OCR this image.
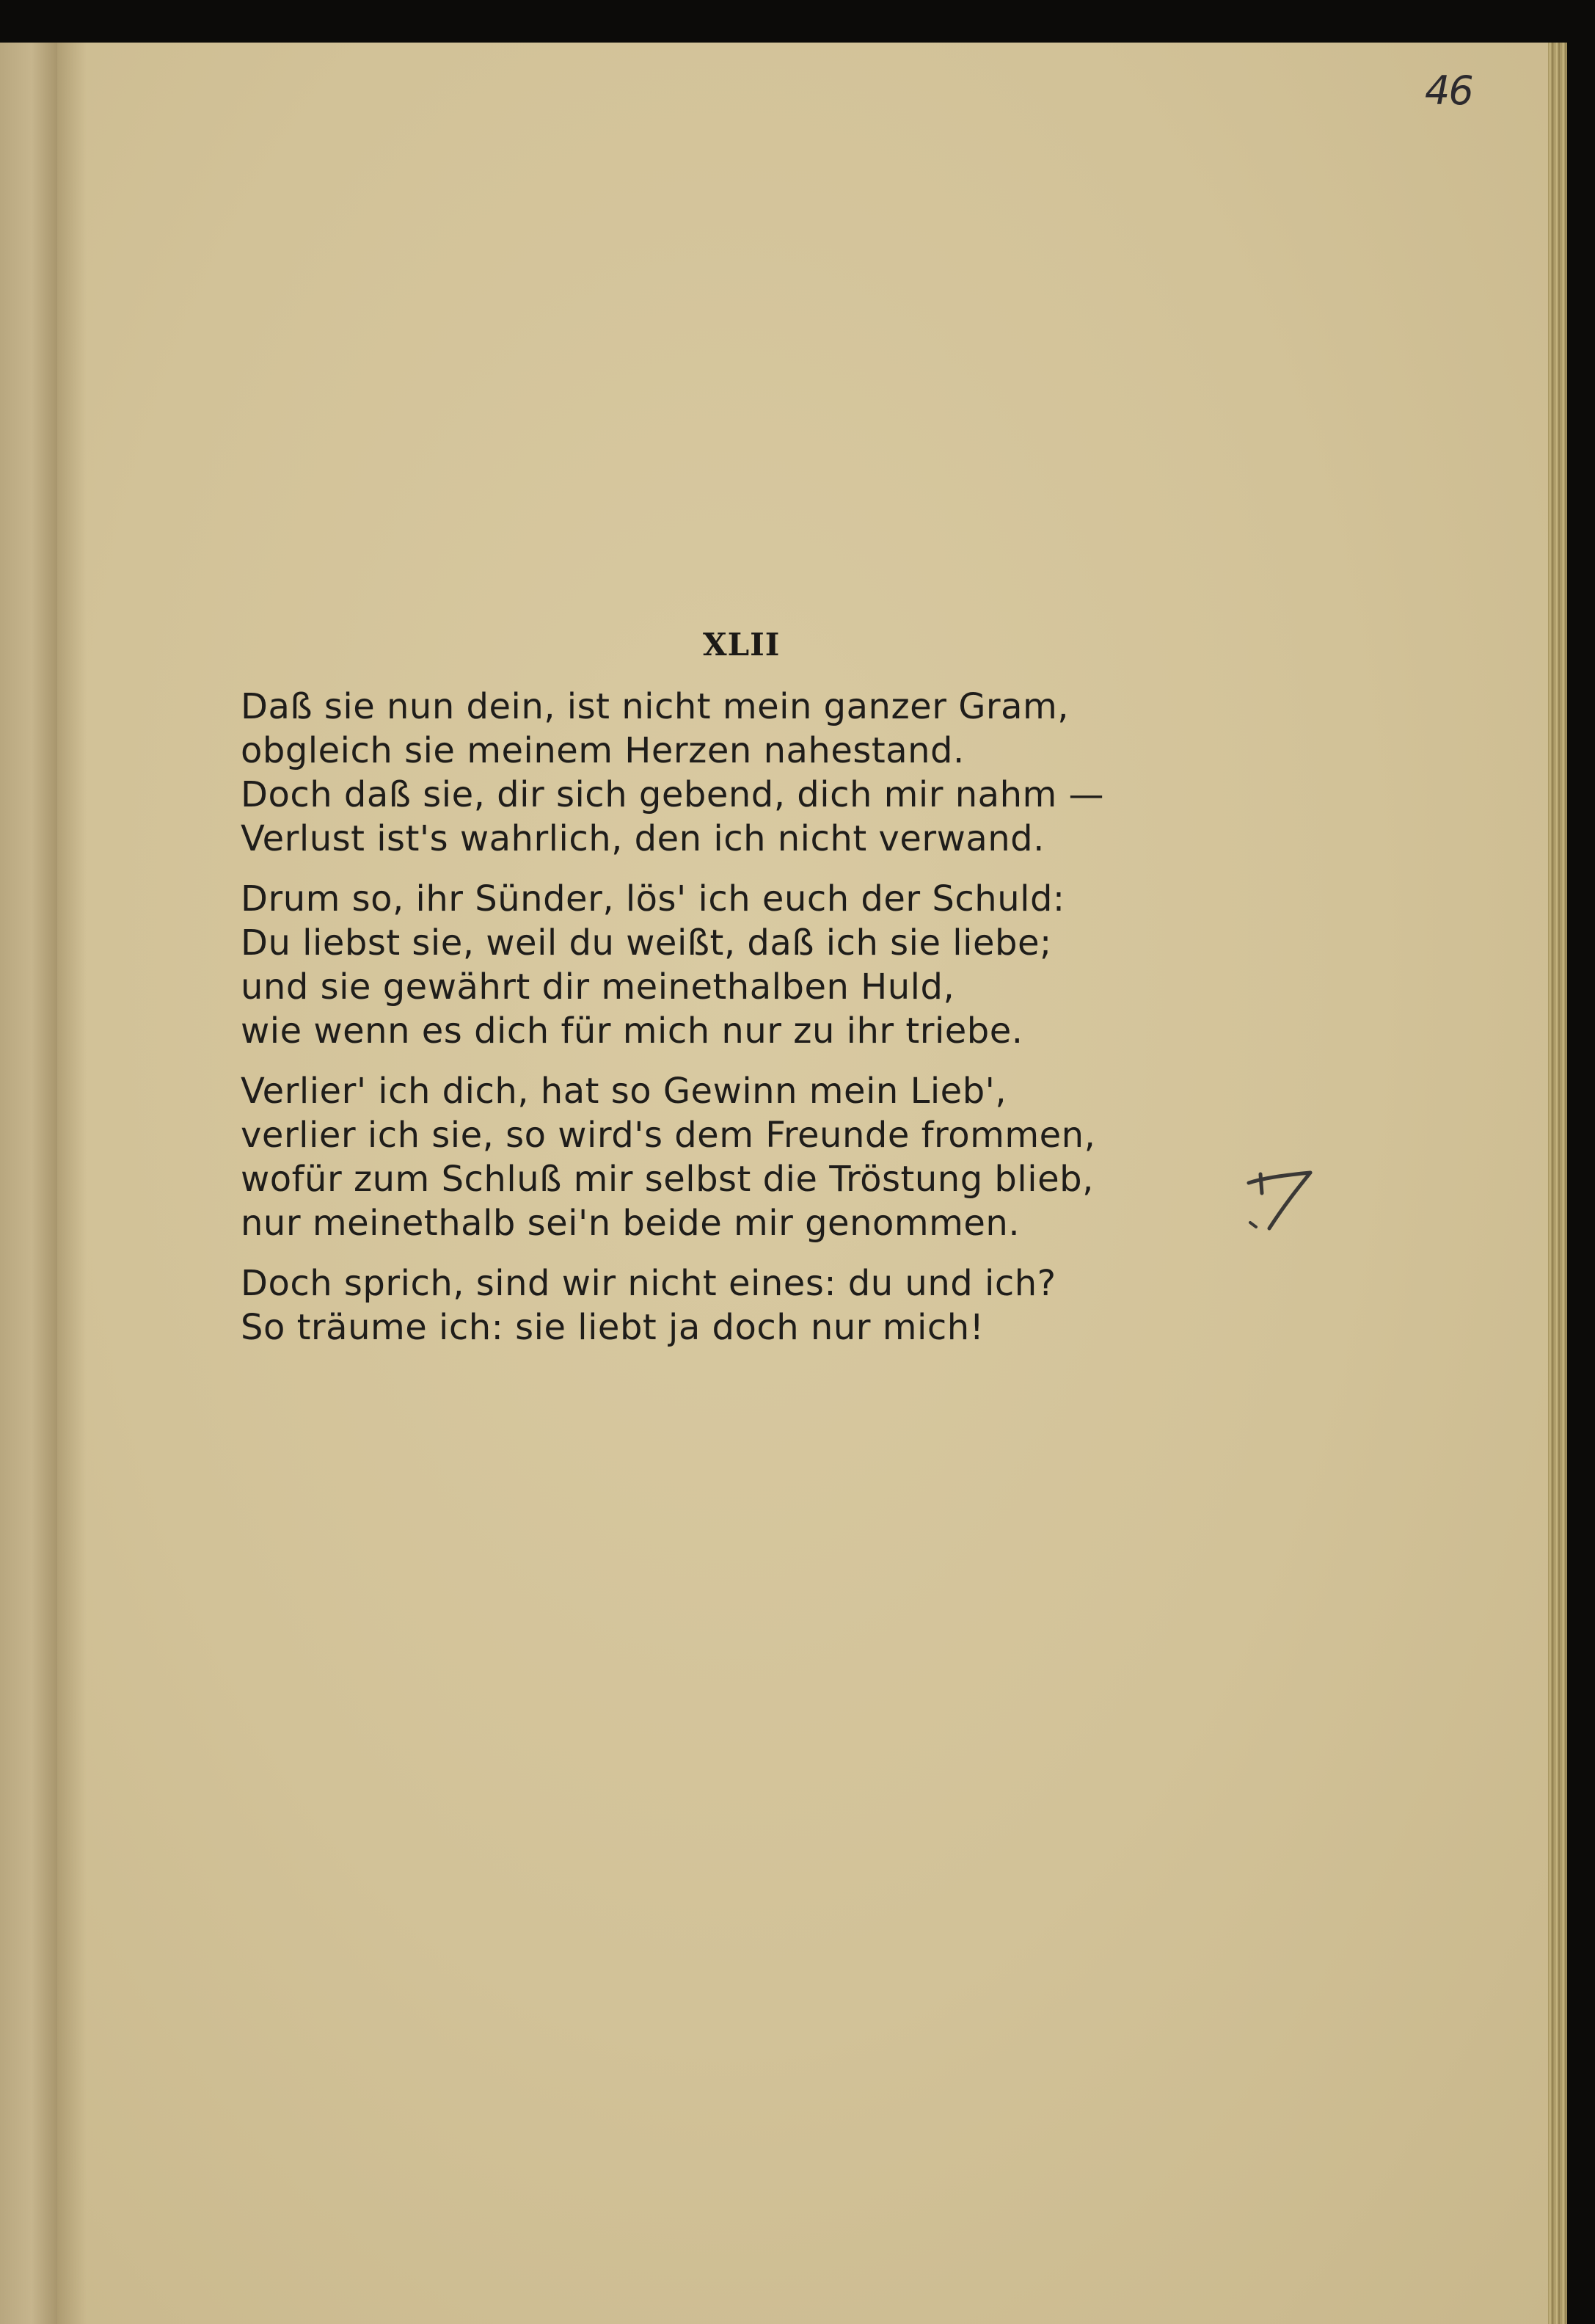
46
XLII
Daß sie nun dein, ist nicht mein ganzer Gram,
obgleich sie meinem Herzen nahestand.
Doch daß sie, dir sich gebend, dich mir nahm —
Verlust ist's wahrlich, den ich nicht verwand.
Drum so, ihr Sünder, lös' ich euch der Schuld:
Du liebst sie, weil du weißt, daß ich sie liebe;
und sie gewährt dir meinethalben Huld,
wie wenn es dich für mich nur zu ihr triebe.
Verlier' ich dich, hat so Gewinn mein Lieb',
verlier ich sie, so wird's dem Freunde frommen,
wofür zum Schluß mir selbst die Tröstung blieb,
nur meinethalb sei'n beide mir genommen.
Doch sprich, sind wir nicht eines: du und ich?
So träume ich: sie liebt ja doch nur mich!
